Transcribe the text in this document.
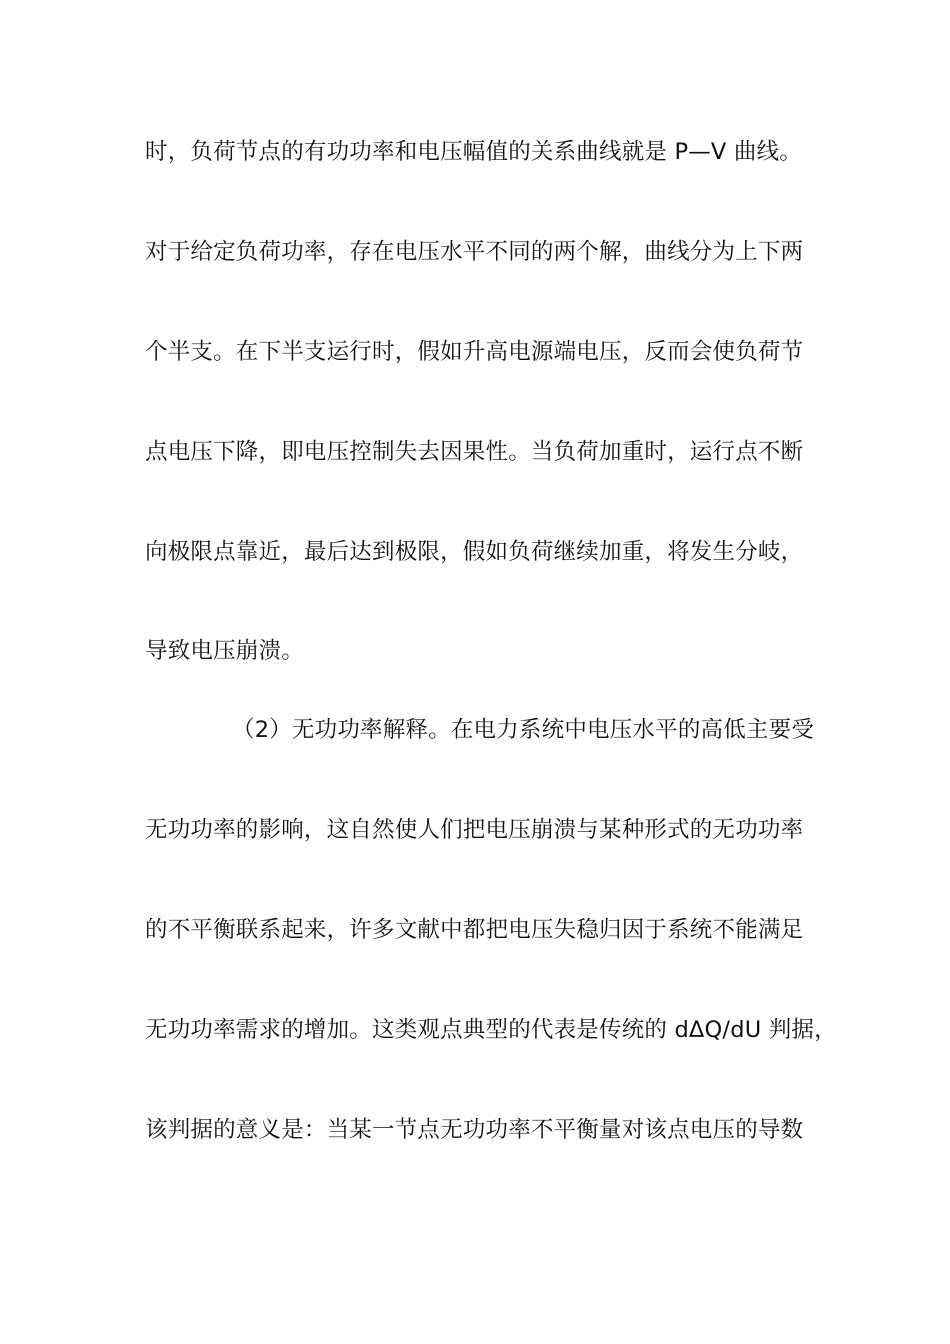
时，负荷节点的有功功率和电压幅值的关系曲线就是 P—V 曲线。
对于给定负荷功率，存在电压水平不同的两个解，曲线分为上下两
个半支。在下半支运行时，假如升高电源端电压，反而会使负荷节
点电压下降，即电压控制失去因果性。当负荷加重时，运行点不断
向极限点靠近，最后达到极限，假如负荷继续加重，将发生分岐，
导致电压崩溃。
（2）无功功率解释。在电力系统中电压水平的高低主要受
无功功率的影响，这自然使人们把电压崩溃与某种形式的无功功率
的不平衡联系起来，许多文献中都把电压失稳归因于系统不能满足
无功功率需求的增加。这类观点典型的代表是传统的 dΔQ/dU 判据，
该判据的意义是：当某一节点无功功率不平衡量对该点电压的导数
